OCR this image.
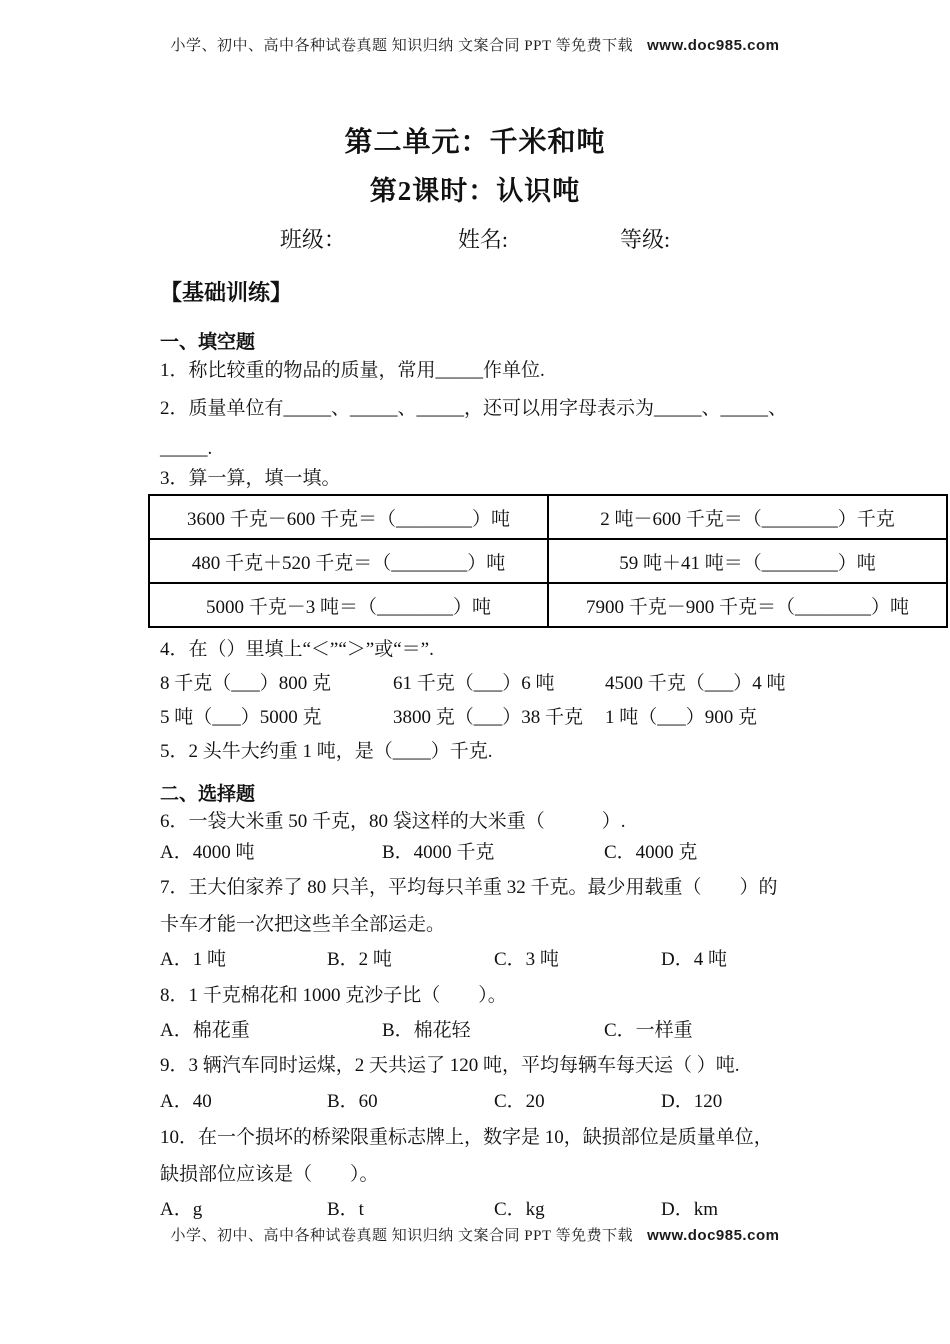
小学、初中、高中各种试卷真题 知识归纳 文案合同 PPT 等免费下载 www.doc985.com
第二单元：千米和吨
第2课时：认识吨
班级：	姓名:	等级:
【基础训练】
一、填空题

1．称比较重的物品的质量，常用_____作单位.

2．质量单位有_____、_____、_____，还可以用字母表示为_____、_____、

_____.

3．算一算，填一填。

3600 千克－600 千克＝（________）吨	2 吨－600 千克＝（________）千克
480 千克＋520 千克＝（________）吨	59 吨＋41 吨＝（________）吨
5000 千克－3 吨＝（________）吨	7900 千克－900 千克＝（________）吨

4．在（）里填上“＜”“＞”或“＝”.

8 千克（___）800 克	61 千克（___）6 吨	4500 千克（___）4 吨
5 吨（___）5000 克	3800 克（___）38 千克	1 吨（___）900 克

5．2 头牛大约重 1 吨，是（____）千克.

二、选择题

6．一袋大米重 50 千克，80 袋这样的大米重（　　　）.

A．4000 吨	B．4000 千克	C．4000 克

7．王大伯家养了 80 只羊，平均每只羊重 32 千克。最少用载重（　　）的

卡车才能一次把这些羊全部运走。

A．1 吨	B．2 吨	C．3 吨	D．4 吨

8．1 千克棉花和 1000 克沙子比（　　）。

A．棉花重	B．棉花轻	C．一样重

9．3 辆汽车同时运煤，2 天共运了 120 吨，平均每辆车每天运（ ）吨.

A．40	B．60	C．20	D．120

10．在一个损坏的桥梁限重标志牌上，数字是 10，缺损部位是质量单位，

缺损部位应该是（　　）。

A．g	B．t	C．kg	D．km
小学、初中、高中各种试卷真题 知识归纳 文案合同 PPT 等免费下载 www.doc985.com
